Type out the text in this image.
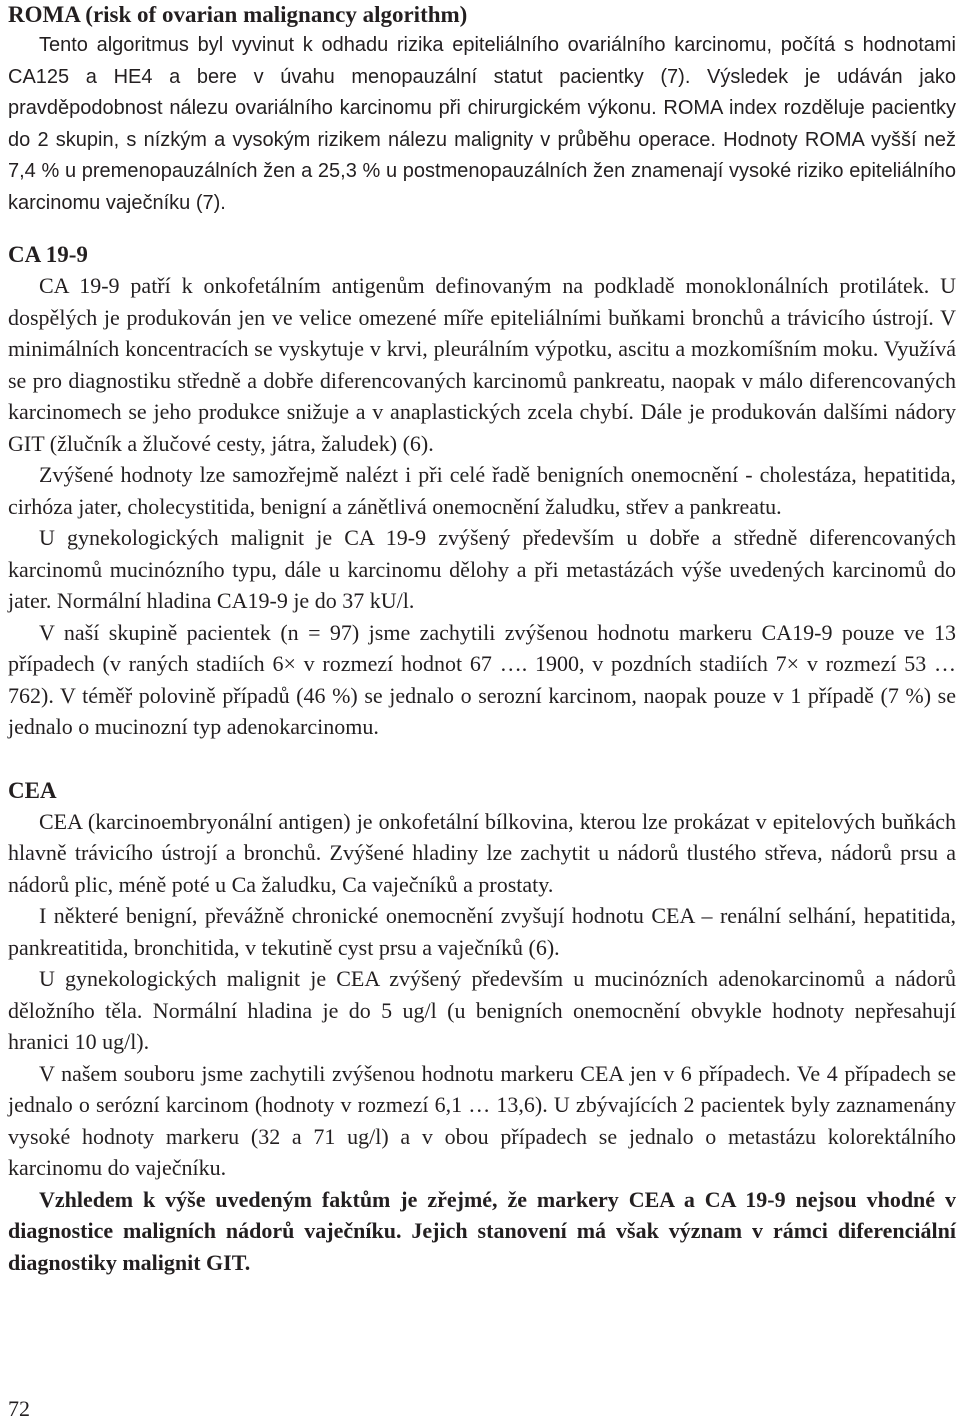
ROMA (risk of ovarian malignancy algorithm)

Tento algoritmus byl vyvinut k odhadu rizika epiteliálního ovariálního karcinomu, počítá s hodnotami CA125 a HE4 a bere v úvahu menopauzální statut pacientky (7). Výsledek je udáván jako pravděpodobnost nálezu ovariálního karcinomu při chirurgickém výkonu. ROMA index rozděluje pacientky do 2 skupin, s nízkým a vysokým rizikem nálezu malignity v průběhu operace. Hodnoty ROMA vyšší než 7,4 % u premenopauzálních žen a 25,3 % u postmenopauzálních žen znamenají vysoké riziko epiteliálního karcinomu vaječníku (7).

CA 19-9

CA 19-9 patří k onkofetálním antigenům definovaným na podkladě monoklonálních protilátek. U dospělých je produkován jen ve velice omezené míře epiteliálními buňkami bronchů a trávicího ústrojí. V minimálních koncentracích se vyskytuje v krvi, pleurálním výpotku, ascitu a mozkomíšním moku. Využívá se pro diagnostiku středně a dobře diferencovaných karcinomů pankreatu, naopak v málo diferencovaných karcinomech se jeho produkce snižuje a v anaplastických zcela chybí. Dále je produkován dalšími nádory GIT (žlučník a žlučové cesty, játra, žaludek) (6).

Zvýšené hodnoty lze samozřejmě nalézt i při celé řadě benigních onemocnění - cholestáza, hepatitida, cirhóza jater, cholecystitida, benigní a zánětlivá onemocnění žaludku, střev a pankreatu.

U gynekologických malignit je CA 19-9 zvýšený především u dobře a středně diferencovaných karcinomů mucinózního typu, dále u karcinomu dělohy a při metastázách výše uvedených karcinomů do jater. Normální hladina CA19-9 je do 37 kU/l.

V naší skupině pacientek (n = 97) jsme zachytili zvýšenou hodnotu markeru CA19-9 pouze ve 13 případech (v raných stadiích 6× v rozmezí hodnot 67 …. 1900, v pozdních stadiích 7× v rozmezí 53 … 762). V téměř polovině případů (46 %) se jednalo o serozní karcinom, naopak pouze v 1 případě (7 %) se jednalo o mucinozní typ adenokarcinomu.

CEA

CEA (karcinoembryonální antigen) je onkofetální bílkovina, kterou lze prokázat v epitelových buňkách hlavně trávicího ústrojí a bronchů. Zvýšené hladiny lze zachytit u nádorů tlustého střeva, nádorů prsu a nádorů plic, méně poté u Ca žaludku, Ca vaječníků a prostaty.

I některé benigní, převážně chronické onemocnění zvyšují hodnotu CEA – renální selhání, hepatitida, pankreatitida, bronchitida, v tekutině cyst prsu a vaječníků (6).

U gynekologických malignit je CEA zvýšený především u mucinózních adenokarcinomů a nádorů děložního těla. Normální hladina je do 5 ug/l (u benigních onemocnění obvykle hodnoty nepřesahují hranici 10 ug/l).

V našem souboru jsme zachytili zvýšenou hodnotu markeru CEA jen v 6 případech. Ve 4 případech se jednalo o serózní karcinom (hodnoty v rozmezí 6,1 … 13,6). U zbývajících 2 pacientek byly zaznamenány vysoké hodnoty markeru (32 a 71 ug/l) a v obou případech se jednalo o metastázu kolorektálního karcinomu do vaječníku.

Vzhledem k výše uvedeným faktům je zřejmé, že markery CEA a CA 19-9 nejsou vhodné v diagnostice maligních nádorů vaječníku. Jejich stanovení má však význam v rámci diferenciální diagnostiky malignit GIT.

72
